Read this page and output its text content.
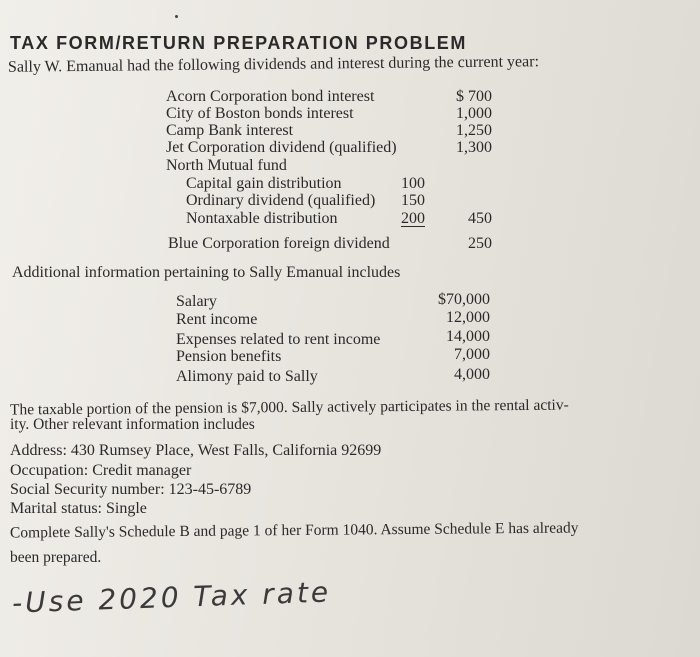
TAX FORM/RETURN PREPARATION PROBLEM
Sally W. Emanual had the following dividends and interest during the current year:
Acorn Corporation bond interest	$ 700
City of Boston bonds interest	1,000
Camp Bank interest	1,250
Jet Corporation dividend (qualified)	1,300
North Mutual fund
Capital gain distribution	100
Ordinary dividend (qualified)	150
Nontaxable distribution	200	450
Blue Corporation foreign dividend	250
Additional information pertaining to Sally Emanual includes
Salary	$70,000
Rent income	12,000
Expenses related to rent income	14,000
Pension benefits	7,000
Alimony paid to Sally	4,000
The taxable portion of the pension is $7,000. Sally actively participates in the rental activ-
ity. Other relevant information includes
Address: 430 Rumsey Place, West Falls, California 92699
Occupation: Credit manager
Social Security number: 123-45-6789
Marital status: Single
Complete Sally's Schedule B and page 1 of her Form 1040. Assume Schedule E has already
been prepared.
-Use 2020 Tax rate
